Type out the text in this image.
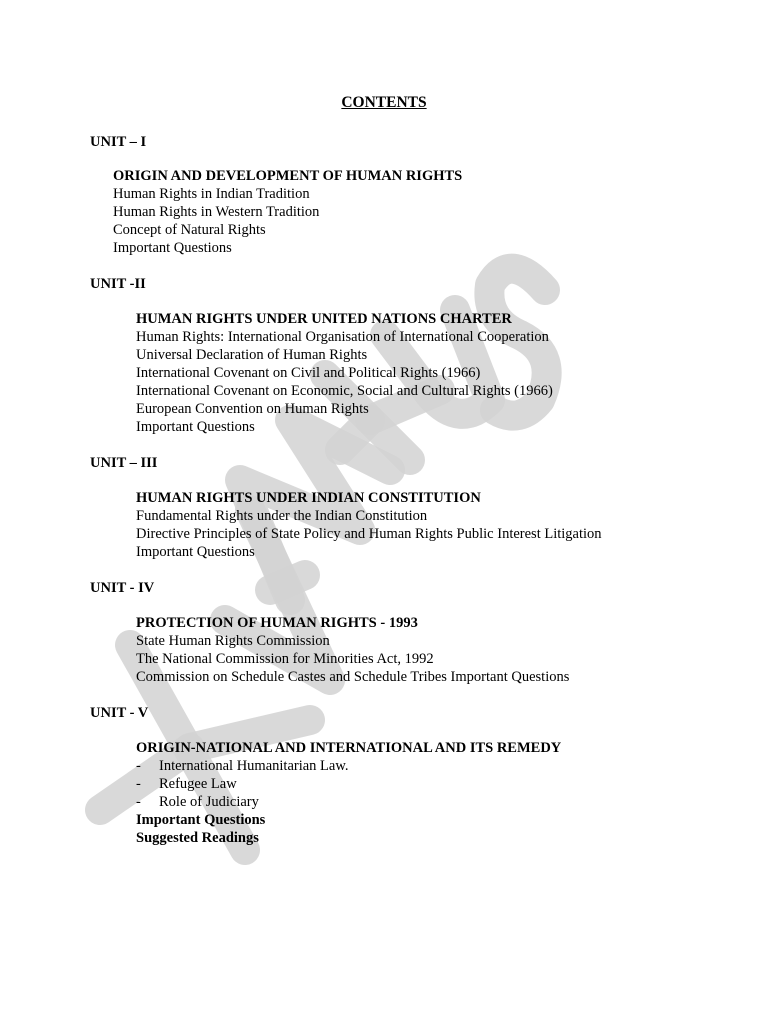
CONTENTS
UNIT – I
ORIGIN AND DEVELOPMENT OF HUMAN RIGHTS
Human Rights in Indian Tradition
Human Rights in Western Tradition
Concept of Natural Rights
Important Questions
UNIT -II
HUMAN RIGHTS UNDER UNITED NATIONS CHARTER
Human Rights: International Organisation of International Cooperation
Universal Declaration of Human Rights
International Covenant on Civil and Political Rights (1966)
International Covenant on Economic, Social and Cultural Rights (1966)
European Convention on Human Rights
Important Questions
UNIT – III
HUMAN RIGHTS UNDER INDIAN CONSTITUTION
Fundamental Rights under the Indian Constitution
Directive Principles of State Policy and Human Rights Public Interest Litigation
Important Questions
UNIT - IV
PROTECTION OF HUMAN RIGHTS - 1993
State Human Rights Commission
The National Commission for Minorities Act, 1992
Commission on Schedule Castes and Schedule Tribes Important Questions
UNIT - V
ORIGIN-NATIONAL AND INTERNATIONAL AND ITS REMEDY
- International Humanitarian Law.
- Refugee Law
- Role of Judiciary
Important Questions
Suggested Readings
